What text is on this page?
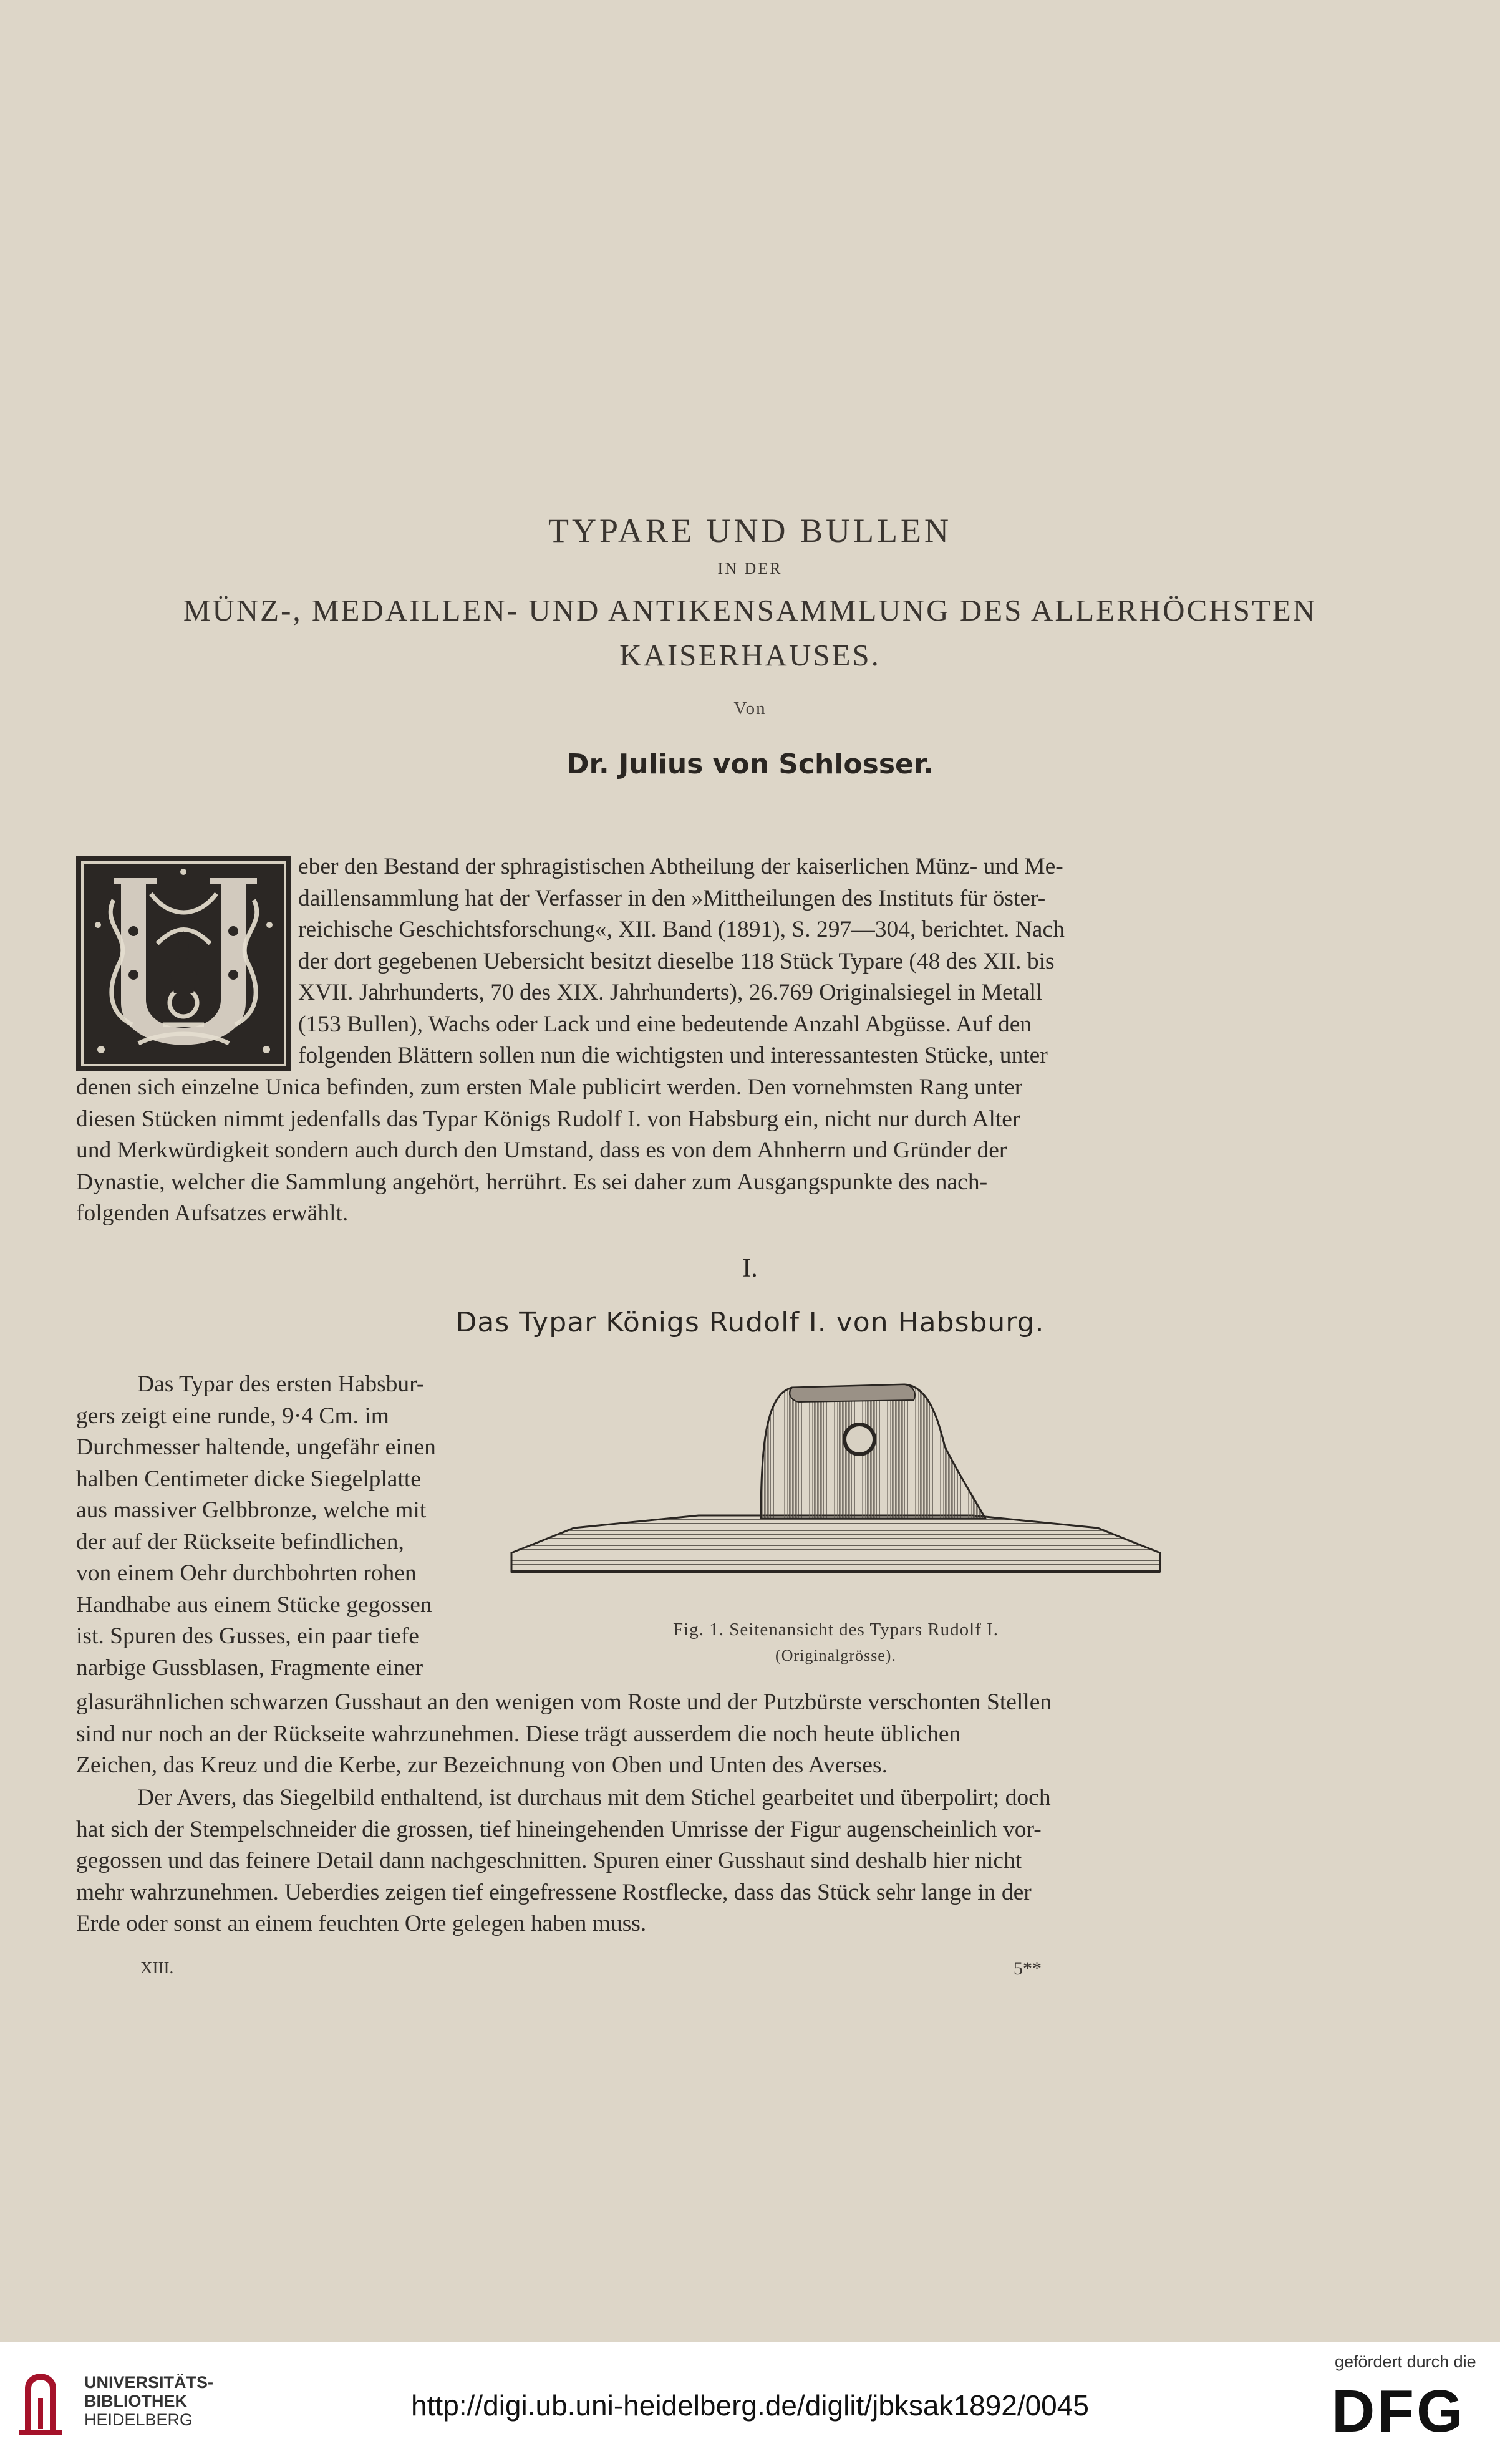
TYPARE UND BULLEN
IN DER
MÜNZ-, MEDAILLEN- UND ANTIKENSAMMLUNG DES ALLERHÖCHSTEN
KAISERHAUSES.
Von
Dr. Julius von Schlosser.

eber den Bestand der sphragistischen Abtheilung der kaiserlichen Münz- und Me-

daillensammlung hat der Verfasser in den »Mittheilungen des Instituts für öster-

reichische Geschichtsforschung«, XII. Band (1891), S. 297—304, berichtet. Nach

der dort gegebenen Uebersicht besitzt dieselbe 118 Stück Typare (48 des XII. bis

XVII. Jahrhunderts, 70 des XIX. Jahrhunderts), 26.769 Originalsiegel in Metall

(153 Bullen), Wachs oder Lack und eine bedeutende Anzahl Abgüsse. Auf den

folgenden Blättern sollen nun die wichtigsten und interessantesten Stücke, unter

denen sich einzelne Unica befinden, zum ersten Male publicirt werden. Den vornehmsten Rang unter

diesen Stücken nimmt jedenfalls das Typar Königs Rudolf I. von Habsburg ein, nicht nur durch Alter

und Merkwürdigkeit sondern auch durch den Umstand, dass es von dem Ahnherrn und Gründer der

Dynastie, welcher die Sammlung angehört, herrührt. Es sei daher zum Ausgangspunkte des nach-

folgenden Aufsatzes erwählt.

I.
Das Typar Königs Rudolf I. von Habsburg.

Das Typar des ersten Habsbur-

gers zeigt eine runde, 9·4 Cm. im

Durchmesser haltende, ungefähr einen

halben Centimeter dicke Siegelplatte

aus massiver Gelbbronze, welche mit

der auf der Rückseite befindlichen,

von einem Oehr durchbohrten rohen

Handhabe aus einem Stücke gegossen

ist. Spuren des Gusses, ein paar tiefe

narbige Gussblasen, Fragmente einer

Fig. 1. Seitenansicht des Typars Rudolf I.
(Originalgrösse).

glasurähnlichen schwarzen Gusshaut an den wenigen vom Roste und der Putzbürste verschonten Stellen

sind nur noch an der Rückseite wahrzunehmen. Diese trägt ausserdem die noch heute üblichen

Zeichen, das Kreuz und die Kerbe, zur Bezeichnung von Oben und Unten des Averses.

Der Avers, das Siegelbild enthaltend, ist durchaus mit dem Stichel gearbeitet und überpolirt; doch

hat sich der Stempelschneider die grossen, tief hineingehenden Umrisse der Figur augenscheinlich vor-

gegossen und das feinere Detail dann nachgeschnitten. Spuren einer Gusshaut sind deshalb hier nicht

mehr wahrzunehmen. Ueberdies zeigen tief eingefressene Rostflecke, dass das Stück sehr lange in der

Erde oder sonst an einem feuchten Orte gelegen haben muss.

XIII.	5**
UNIVERSITÄTS-
BIBLIOTHEK
HEIDELBERG	http://digi.ub.uni-heidelberg.de/diglit/jbksak1892/0045
gefördert durch die
DFG
